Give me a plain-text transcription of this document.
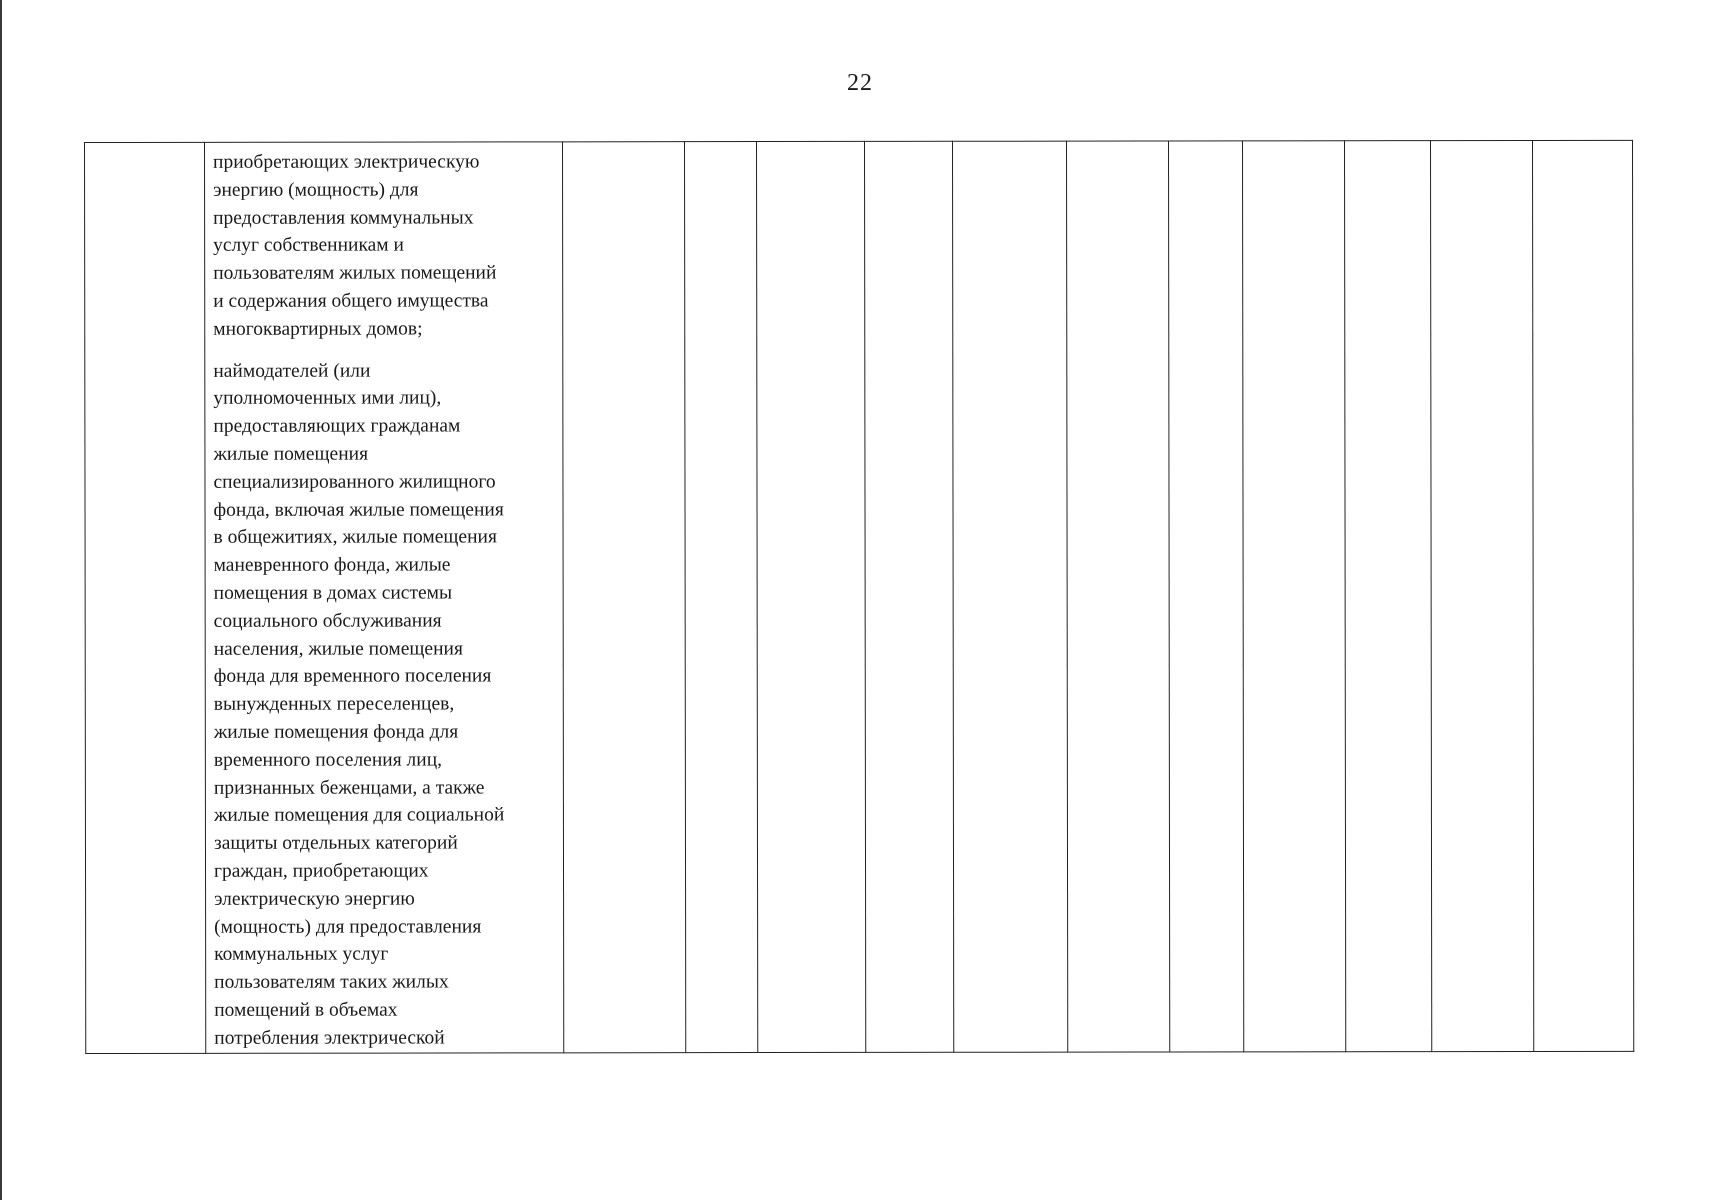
22

приобретающих электрическую
энергию (мощность) для
предоставления коммунальных
услуг собственникам и
пользователям жилых помещений
и содержания общего имущества
многоквартирных домов;

наймодателей (или
уполномоченных ими лиц),
предоставляющих гражданам
жилые помещения
специализированного жилищного
фонда, включая жилые помещения
в общежитиях, жилые помещения
маневренного фонда, жилые
помещения в домах системы
социального обслуживания
населения, жилые помещения
фонда для временного поселения
вынужденных переселенцев,
жилые помещения фонда для
временного поселения лиц,
признанных беженцами, а также
жилые помещения для социальной
защиты отдельных категорий
граждан, приобретающих
электрическую энергию
(мощность) для предоставления
коммунальных услуг
пользователям таких жилых
помещений в объемах
потребления электрической
